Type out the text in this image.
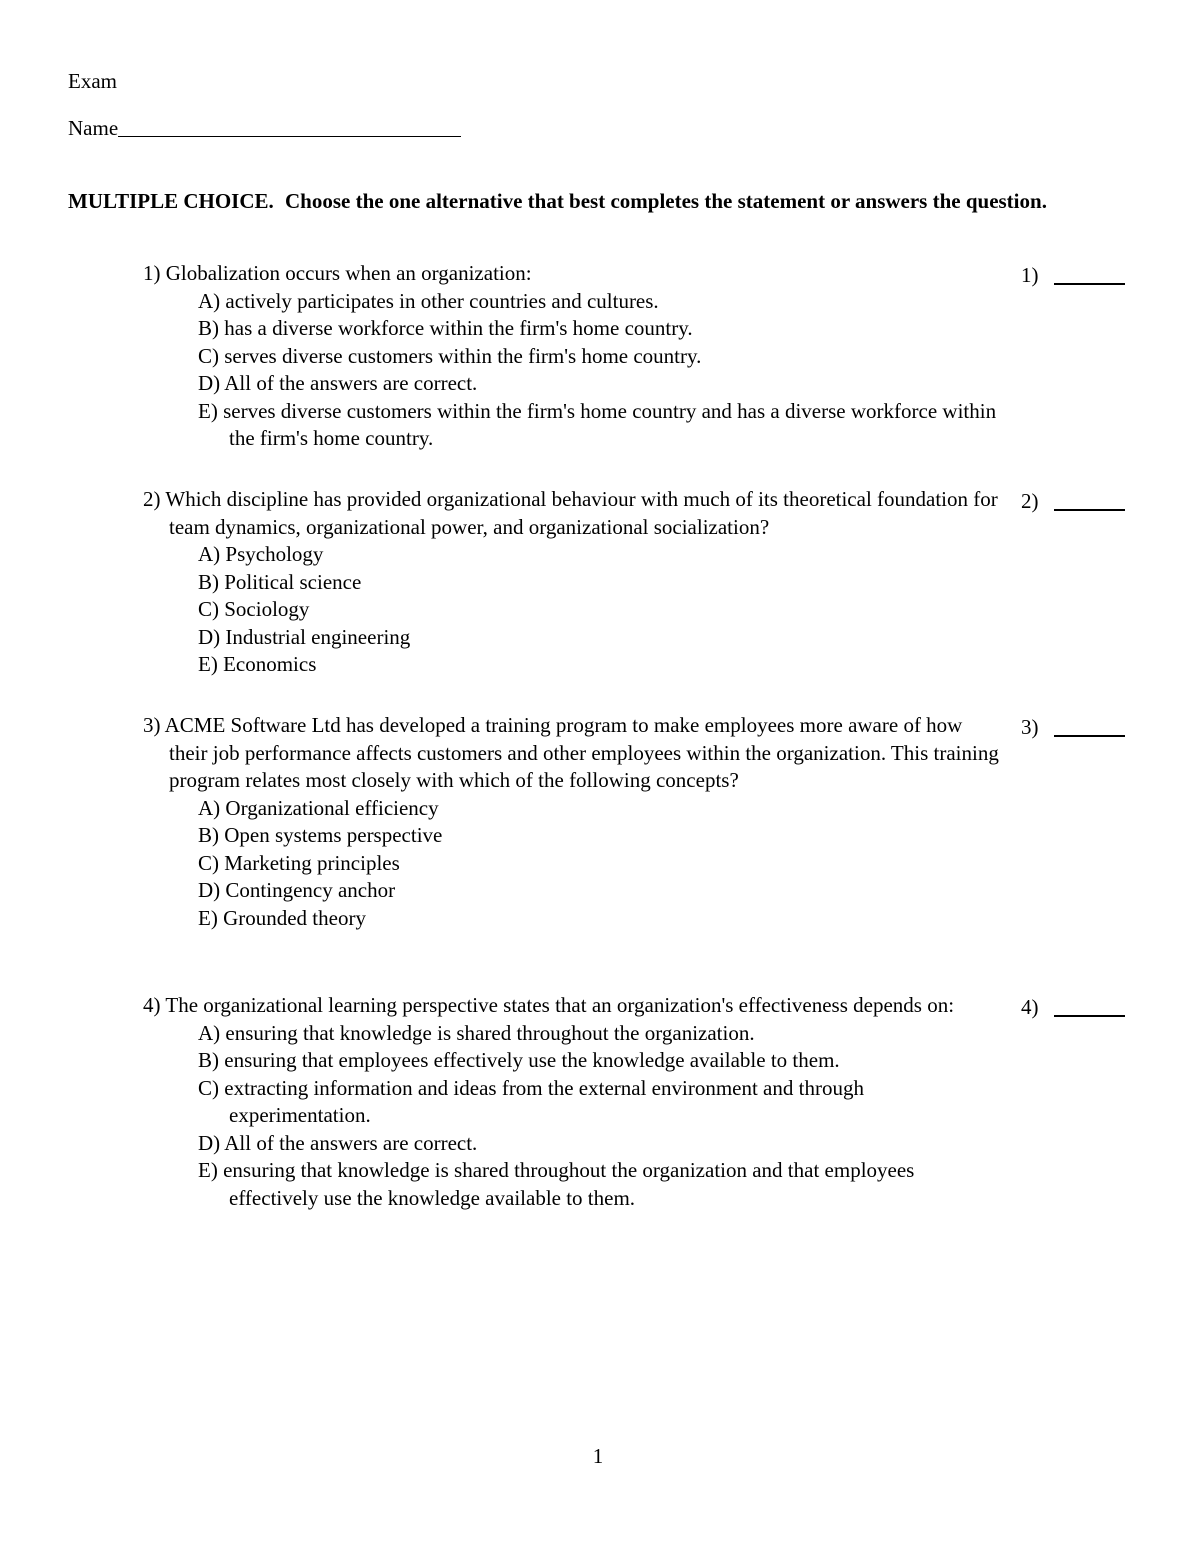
Exam
Name
MULTIPLE CHOICE. Choose the one alternative that best completes the statement or answers the question.
1) Globalization occurs when an organization:
A) actively participates in other countries and cultures.
B) has a diverse workforce within the firm's home country.
C) serves diverse customers within the firm's home country.
D) All of the answers are correct.
E) serves diverse customers within the firm's home country and has a diverse workforce within the firm's home country.
1)
2) Which discipline has provided organizational behaviour with much of its theoretical foundation for team dynamics, organizational power, and organizational socialization?
A) Psychology
B) Political science
C) Sociology
D) Industrial engineering
E) Economics
2)
3) ACME Software Ltd has developed a training program to make employees more aware of how their job performance affects customers and other employees within the organization. This training program relates most closely with which of the following concepts?
A) Organizational efficiency
B) Open systems perspective
C) Marketing principles
D) Contingency anchor
E) Grounded theory
3)
4) The organizational learning perspective states that an organization's effectiveness depends on:
A) ensuring that knowledge is shared throughout the organization.
B) ensuring that employees effectively use the knowledge available to them.
C) extracting information and ideas from the external environment and through experimentation.
D) All of the answers are correct.
E) ensuring that knowledge is shared throughout the organization and that employees effectively use the knowledge available to them.
4)
1
